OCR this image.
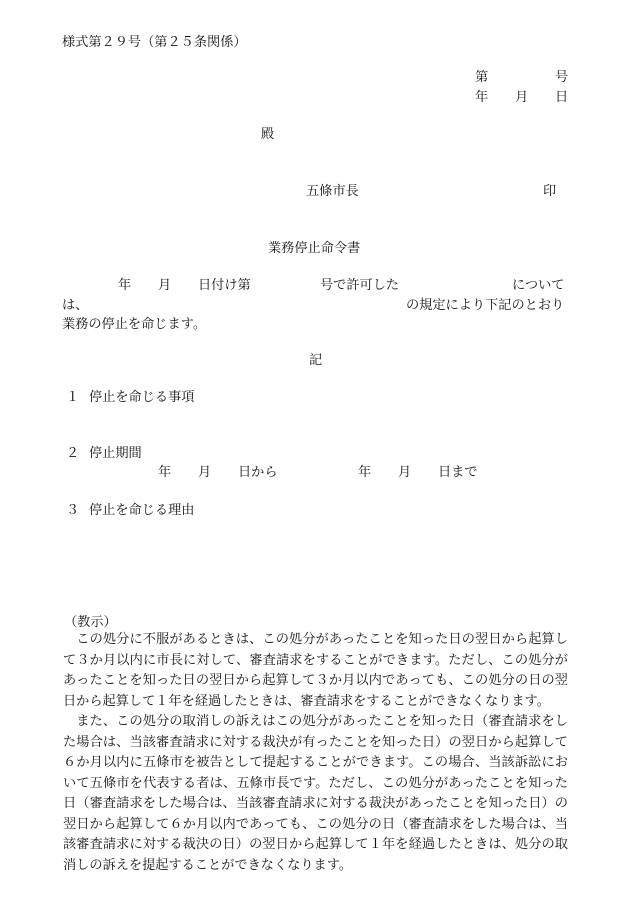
様式第２９号（第２５条関係）
第	号
年 月 日
殿
五條市長	印
業務停止命令書
年 月 日付け第	号で許可した	について
は、	の規定により下記のとおり
業務の停止を命じます。
記
１ 停止を命じる事項
２ 停止期間
年 月 日から	年 月 日まで
３ 停止を命じる理由
（教示）
　この処分に不服があるときは、この処分があったことを知った日の翌日から起算して３か月以内に市長に対して、審査請求をすることができます。ただし、この処分があったことを知った日の翌日から起算して３か月以内であっても、この処分の日の翌日から起算して１年を経過したときは、審査請求をすることができなくなります。
　また、この処分の取消しの訴えはこの処分があったことを知った日（審査請求をした場合は、当該審査請求に対する裁決が有ったことを知った日）の翌日から起算して６か月以内に五條市を被告として提起することができます。この場合、当該訴訟において五條市を代表する者は、五條市長です。ただし、この処分があったことを知った日（審査請求をした場合は、当該審査請求に対する裁決があったことを知った日）の翌日から起算して６か月以内であっても、この処分の日（審査請求をした場合は、当該審査請求に対する裁決の日）の翌日から起算して１年を経過したときは、処分の取消しの訴えを提起することができなくなります。
